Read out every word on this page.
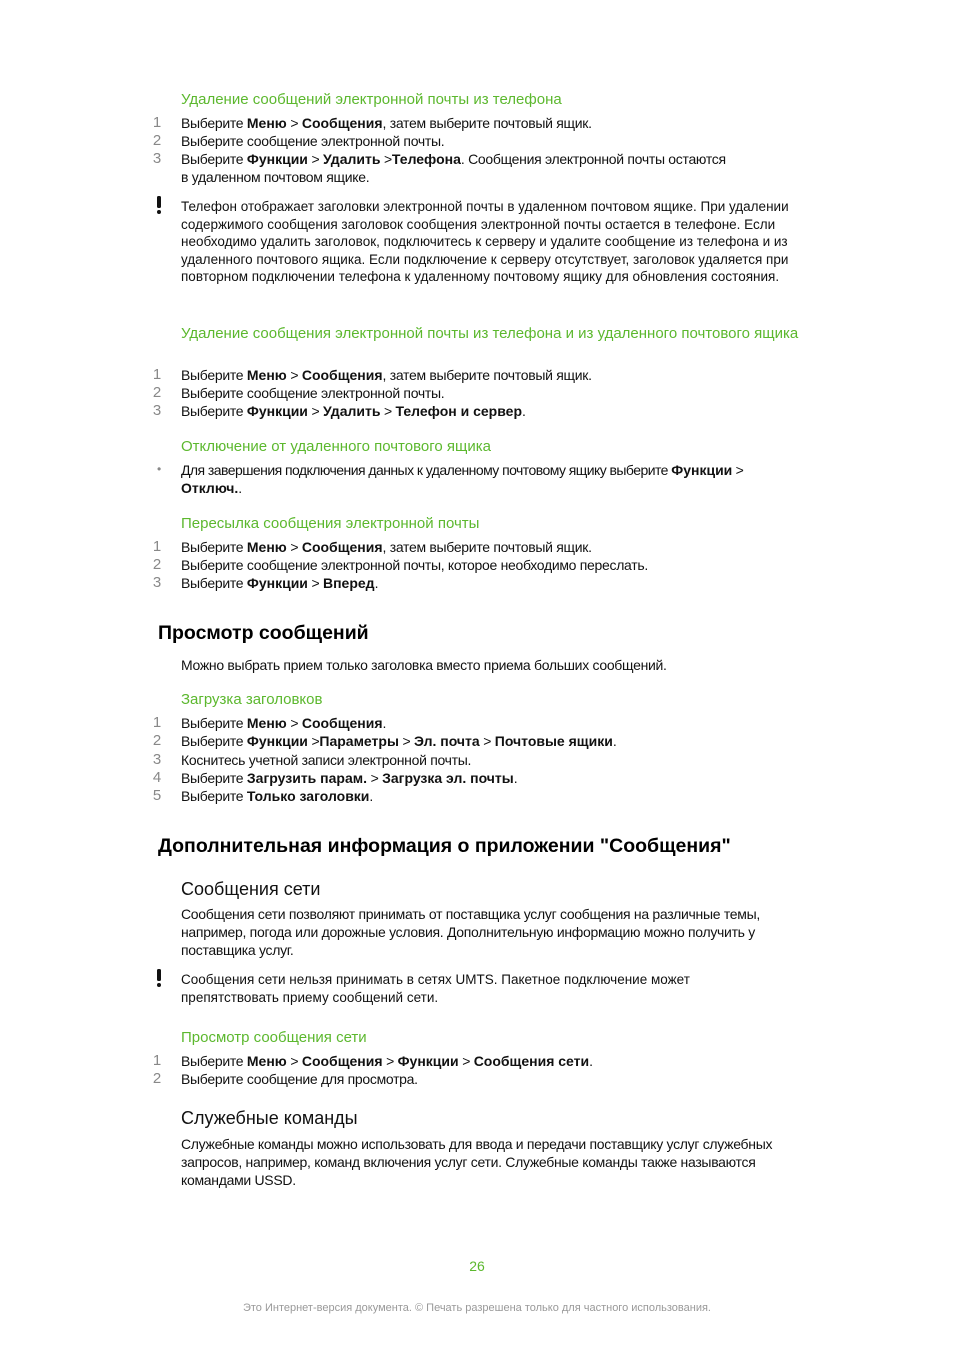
Удаление сообщений электронной почты из телефона
1 Выберите Меню > Сообщения, затем выберите почтовый ящик.
2 Выберите сообщение электронной почты.
3 Выберите Функции > Удалить >Телефона. Сообщения электронной почты остаются
в удаленном почтовом ящике.
Телефон отображает заголовки электронной почты в удаленном почтовом ящике. При удалении содержимого сообщения заголовок сообщения электронной почты остается в телефоне. Если необходимо удалить заголовок, подключитесь к серверу и удалите сообщение из телефона и из удаленного почтового ящика. Если подключение к серверу отсутствует, заголовок удаляется при повторном подключении телефона к удаленному почтовому ящику для обновления состояния.
Удаление сообщения электронной почты из телефона и из удаленного почтового ящика
1 Выберите Меню > Сообщения, затем выберите почтовый ящик.
2 Выберите сообщение электронной почты.
3 Выберите Функции > Удалить > Телефон и сервер.
Отключение от удаленного почтового ящика
• Для завершения подключения данных к удаленному почтовому ящику выберите Функции >
Отключ..
Пересылка сообщения электронной почты
1 Выберите Меню > Сообщения, затем выберите почтовый ящик.
2 Выберите сообщение электронной почты, которое необходимо переслать.
3 Выберите Функции > Вперед.
Просмотр сообщений
Можно выбрать прием только заголовка вместо приема больших сообщений.
Загрузка заголовков
1 Выберите Меню > Сообщения.
2 Выберите Функции >Параметры > Эл. почта > Почтовые ящики.
3 Коснитесь учетной записи электронной почты.
4 Выберите Загрузить парам. > Загрузка эл. почты.
5 Выберите Только заголовки.
Дополнительная информация о приложении "Сообщения"
Сообщения сети
Сообщения сети позволяют принимать от поставщика услуг сообщения на различные темы, например, погода или дорожные условия. Дополнительную информацию можно получить у поставщика услуг.
Сообщения сети нельзя принимать в сетях UMTS. Пакетное подключение может препятствовать приему сообщений сети.
Просмотр сообщения сети
1 Выберите Меню > Сообщения > Функции > Сообщения сети.
2 Выберите сообщение для просмотра.
Служебные команды
Служебные команды можно использовать для ввода и передачи поставщику услуг служебных запросов, например, команд включения услуг сети. Служебные команды также называются командами USSD.
26
Это Интернет-версия документа. © Печать разрешена только для частного использования.
